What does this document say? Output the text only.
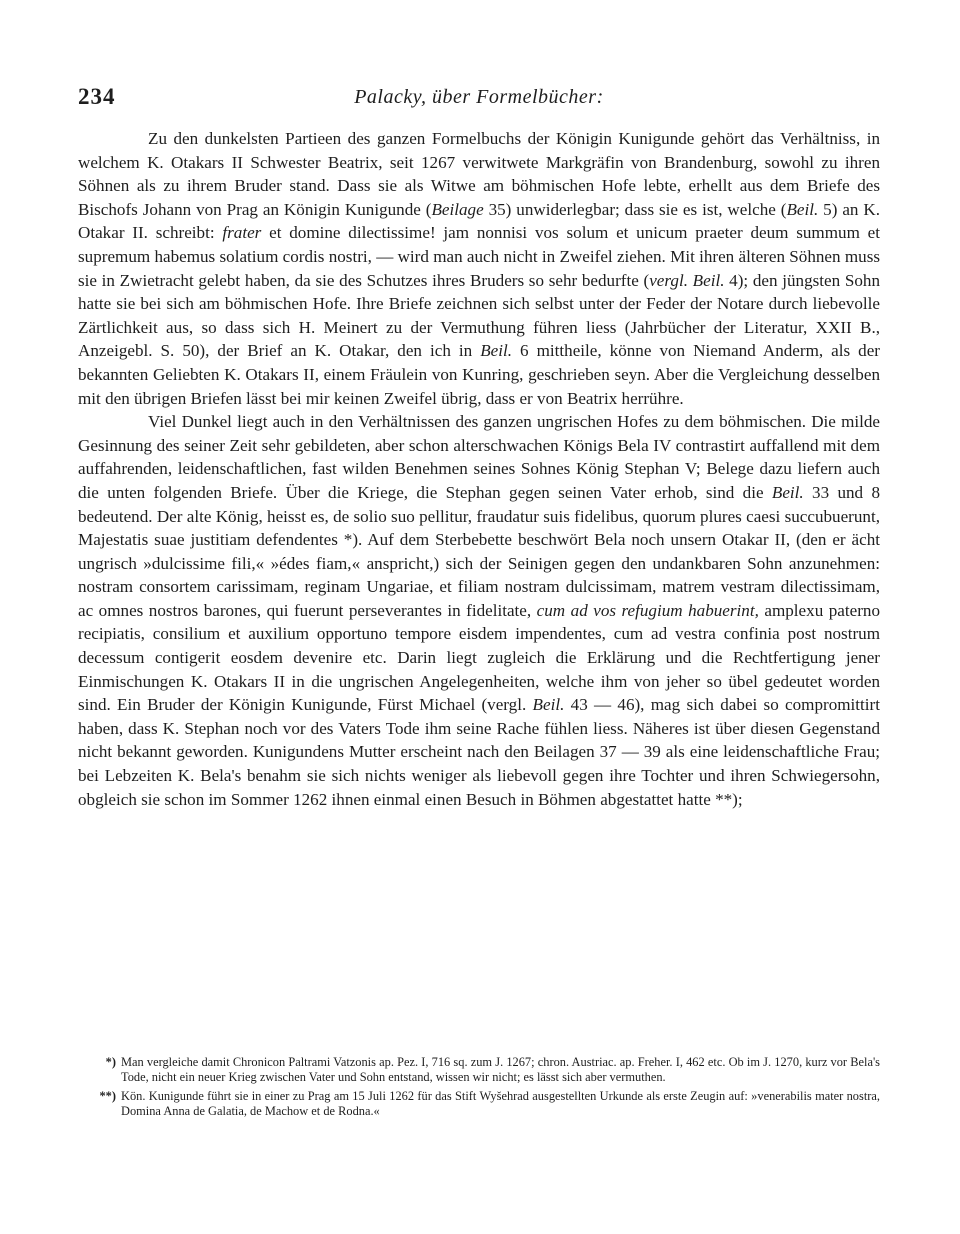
234	Palacky, über Formelbücher:

Zu den dunkelsten Partieen des ganzen Formelbuchs der Königin Kunigunde gehört das Verhältniss, in welchem K. Otakars II Schwester Beatrix, seit 1267 verwitwete Markgräfin von Brandenburg, sowohl zu ihren Söhnen als zu ihrem Bruder stand. Dass sie als Witwe am böhmischen Hofe lebte, erhellt aus dem Briefe des Bischofs Johann von Prag an Königin Kunigunde (Beilage 35) unwiderlegbar; dass sie es ist, welche (Beil. 5) an K. Otakar II. schreibt: frater et domine dilectissime! jam nonnisi vos solum et unicum praeter deum summum et supremum habemus solatium cordis nostri, — wird man auch nicht in Zweifel ziehen. Mit ihren älteren Söhnen muss sie in Zwietracht gelebt haben, da sie des Schutzes ihres Bruders so sehr bedurfte (vergl. Beil. 4); den jüngsten Sohn hatte sie bei sich am böhmischen Hofe. Ihre Briefe zeichnen sich selbst unter der Feder der Notare durch liebevolle Zärtlichkeit aus, so dass sich H. Meinert zu der Vermuthung führen liess (Jahrbücher der Literatur, XXII B., Anzeigebl. S. 50), der Brief an K. Otakar, den ich in Beil. 6 mittheile, könne von Niemand Anderm, als der bekannten Geliebten K. Otakars II, einem Fräulein von Kunring, geschrieben seyn. Aber die Vergleichung desselben mit den übrigen Briefen lässt bei mir keinen Zweifel übrig, dass er von Beatrix herrühre.

Viel Dunkel liegt auch in den Verhältnissen des ganzen ungrischen Hofes zu dem böhmischen. Die milde Gesinnung des seiner Zeit sehr gebildeten, aber schon alterschwachen Königs Bela IV contrastirt auffallend mit dem auffahrenden, leidenschaftlichen, fast wilden Benehmen seines Sohnes König Stephan V; Belege dazu liefern auch die unten folgenden Briefe. Über die Kriege, die Stephan gegen seinen Vater erhob, sind die Beil. 33 und 8 bedeutend. Der alte König, heisst es, de solio suo pellitur, fraudatur suis fidelibus, quorum plures caesi succubuerunt, Majestatis suae justitiam defendentes *). Auf dem Sterbebette beschwört Bela noch unsern Otakar II, (den er ächt ungrisch »dulcissime fili,« »édes fiam,« anspricht,) sich der Seinigen gegen den undankbaren Sohn anzunehmen: nostram consortem carissimam, reginam Ungariae, et filiam nostram dulcissimam, matrem vestram dilectissimam, ac omnes nostros barones, qui fuerunt perseverantes in fidelitate, cum ad vos refugium habuerint, amplexu paterno recipiatis, consilium et auxilium opportuno tempore eisdem impendentes, cum ad vestra confinia post nostrum decessum contigerit eosdem devenire etc. Darin liegt zugleich die Erklärung und die Rechtfertigung jener Einmischungen K. Otakars II in die ungrischen Angelegenheiten, welche ihm von jeher so übel gedeutet worden sind. Ein Bruder der Königin Kunigunde, Fürst Michael (vergl. Beil. 43 — 46), mag sich dabei so compromittirt haben, dass K. Stephan noch vor des Vaters Tode ihm seine Rache fühlen liess. Näheres ist über diesen Gegenstand nicht bekannt geworden. Kunigundens Mutter erscheint nach den Beilagen 37 — 39 als eine leidenschaftliche Frau; bei Lebzeiten K. Bela's benahm sie sich nichts weniger als liebevoll gegen ihre Tochter und ihren Schwiegersohn, obgleich sie schon im Sommer 1262 ihnen einmal einen Besuch in Böhmen abgestattet hatte **);

*) Man vergleiche damit Chronicon Paltrami Vatzonis ap. Pez. I, 716 sq. zum J. 1267; chron. Austriac. ap. Freher. I, 462 etc. Ob im J. 1270, kurz vor Bela's Tode, nicht ein neuer Krieg zwischen Vater und Sohn entstand, wissen wir nicht; es lässt sich aber vermuthen.
**) Kön. Kunigunde führt sie in einer zu Prag am 15 Juli 1262 für das Stift Wyšehrad ausgestellten Urkunde als erste Zeugin auf: »venerabilis mater nostra, Domina Anna de Galatia, de Machow et de Rodna.«
